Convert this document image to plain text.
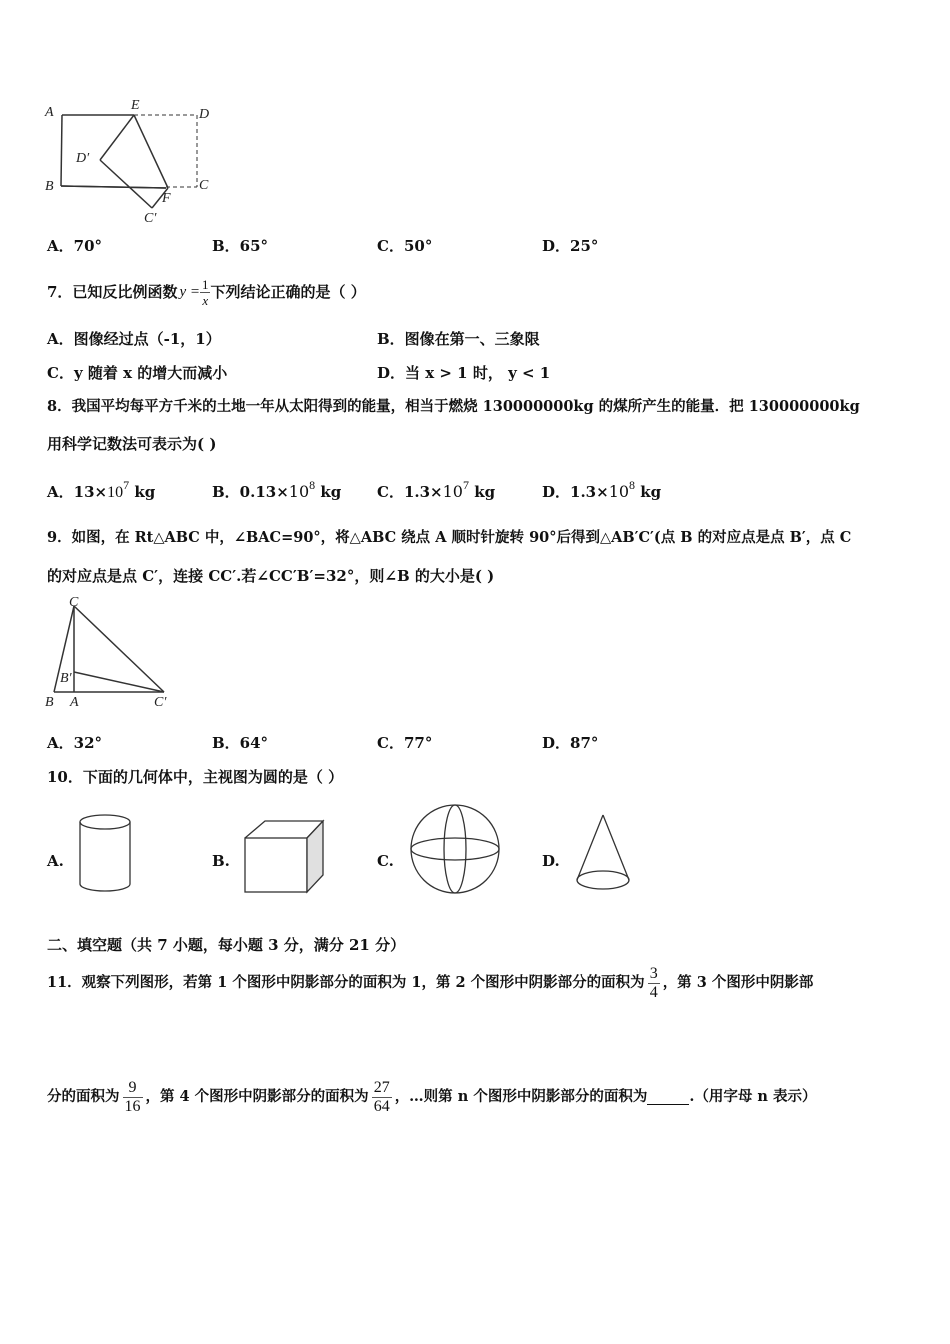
A	E
D
D′
B	C
F
C′
A．70°	B．65°	C．50°	D．25°
7．已知反比例函数 $y = \frac{1}{x}$ 下列结论正确的是（ ）
A．图像经过点（-1，1）	B．图像在第一、三象限
C．y 随着 x 的增大而减小	D．当 x > 1 时， y < 1
8．我国平均每平方千米的土地一年从太阳得到的能量，相当于燃烧 130000000kg 的煤所产生的能量．把 130000000kg
用科学记数法可表示为( )
A．$13\times 10^7$ kg	B．$0.13\times 10^8$ kg C．$1.3\times 10^7$ kg	D．$1.3\times 10^8$ kg
9．如图，在 Rt△ABC 中，∠BAC=90°，将△ABC 绕点 A 顺时针旋转 90°后得到△AB′C′(点 B 的对应点是点 B′，点 C
的对应点是点 C′，连接 CC′.若∠CC′B′=32°，则∠B 的大小是( )
C
B′
B A	C′
A．32°	B．64°	C．77°	D．87°
10．下面的几何体中，主视图为圆的是（ ）
A.	B.	C.	D.
二、填空题（共 7 小题，每小题 3 分，满分 21 分）
11．观察下列图形，若第 1 个图形中阴影部分的面积为 1，第 2 个图形中阴影部分的面积为 $\frac{3}{4}$ ，第 3 个图形中阴影部
分的面积为 $\frac{9}{16}$ ，第 4 个图形中阴影部分的面积为 $\frac{27}{64}$ ，…则第 n 个图形中阴影部分的面积为	.（用字母 n 表示）
